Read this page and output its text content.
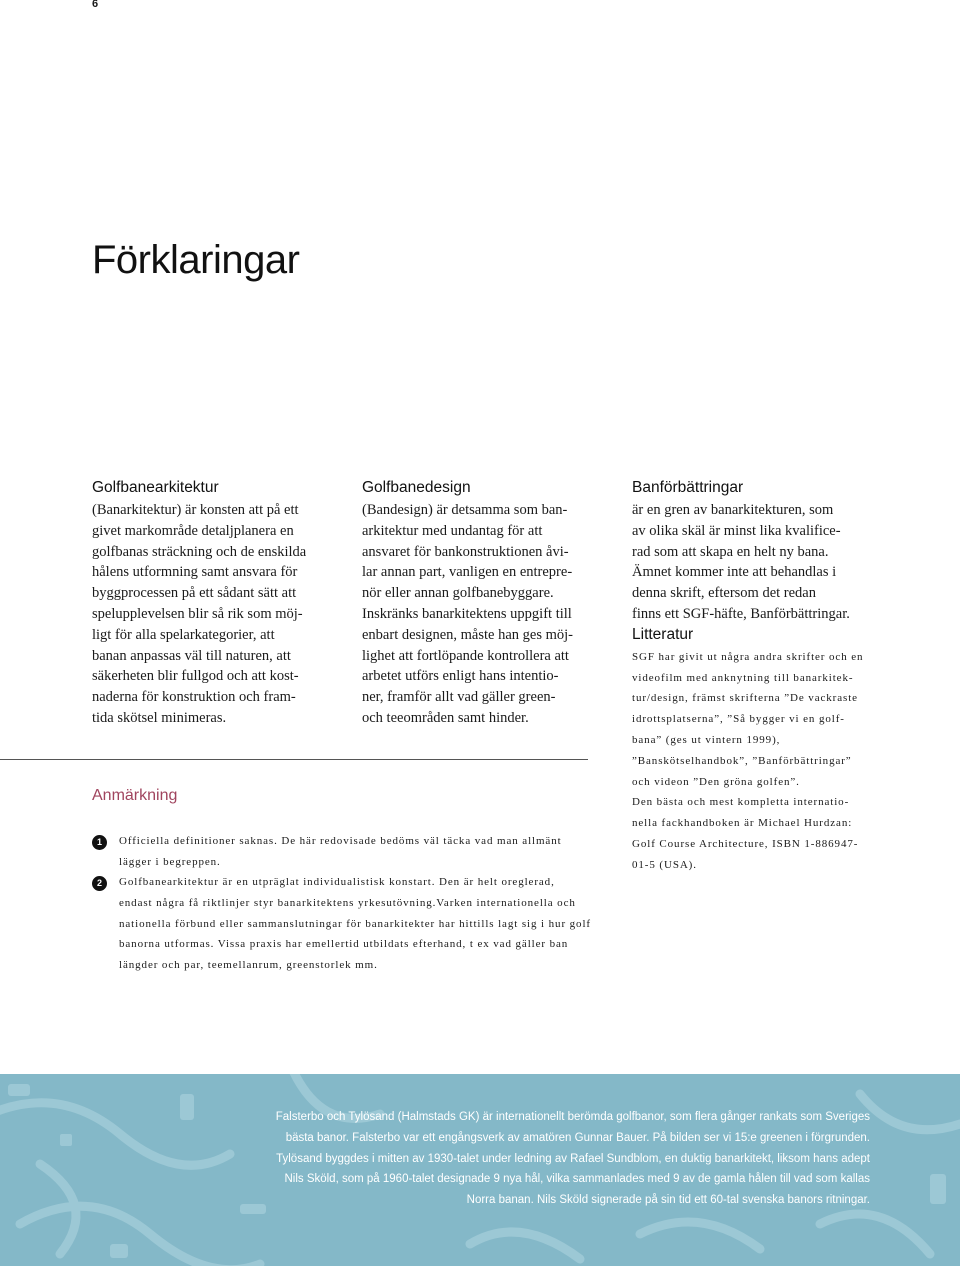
6
Förklaringar
Golfbanearkitektur
(Banarkitektur) är konsten att på ett
givet markområde detaljplanera en
golfbanas sträckning och de enskilda
hålens utformning samt ansvara för
byggprocessen på ett sådant sätt att
spelupplevelsen blir så rik som möj-
ligt för alla spelarkategorier, att
banan anpassas väl till naturen, att
säkerheten blir fullgod och att kost-
naderna för konstruktion och fram-
tida skötsel minimeras.
Golfbanedesign
(Bandesign) är detsamma som ban-
arkitektur med undantag för att
ansvaret för bankonstruktionen åvi-
lar annan part, vanligen en entrepre-
nör eller annan golfbanebyggare.
Inskränks banarkitektens uppgift till
enbart designen, måste han ges möj-
lighet att fortlöpande kontrollera att
arbetet utförs enligt hans intentio-
ner, framför allt vad gäller green-
och teeområden samt hinder.
Banförbättringar
är en gren av banarkitekturen, som
av olika skäl är minst lika kvalifice-
rad som att skapa en helt ny bana.
Ämnet kommer inte att behandlas i
denna skrift, eftersom det redan
finns ett SGF-häfte, Banförbättringar.
Litteratur
SGF har givit ut några andra skrifter och en
videofilm med anknytning till banarkitek-
tur/design, främst skrifterna ”De vackraste
idrottsplatserna”, ”Så bygger vi en golf-
bana” (ges ut vintern 1999),
”Banskötselhandbok”, ”Banförbättringar”
och videon ”Den gröna golfen”.
Den bästa och mest kompletta internatio-
nella fackhandboken är Michael Hurdzan:
Golf Course Architecture, ISBN 1-886947-
01-5 (USA).
Anmärkning
1	Officiella definitioner saknas. De här redovisade bedöms väl täcka vad man allmänt
lägger i begreppen.
2	Golfbanearkitektur är en utpräglat individualistisk konstart. Den är helt oreglerad,
endast några få riktlinjer styr banarkitektens yrkesutövning.Varken internationella och
nationella förbund eller sammanslutningar för banarkitekter har hittills lagt sig i hur golf
banorna utformas. Vissa praxis har emellertid utbildats efterhand, t ex vad gäller ban
längder och par, teemellanrum, greenstorlek mm.
Falsterbo och Tylösand (Halmstads GK) är internationellt berömda golfbanor, som flera gånger rankats som Sveriges
bästa banor. Falsterbo var ett engångsverk av amatören Gunnar Bauer. På bilden ser vi 15:e greenen i förgrunden.
Tylösand byggdes i mitten av 1930-talet under ledning av Rafael Sundblom, en duktig banarkitekt, liksom hans adept
Nils Sköld, som på 1960-talet designade 9 nya hål, vilka sammanlades med 9 av de gamla hålen till vad som kallas
Norra banan. Nils Sköld signerade på sin tid ett 60-tal svenska banors ritningar.
